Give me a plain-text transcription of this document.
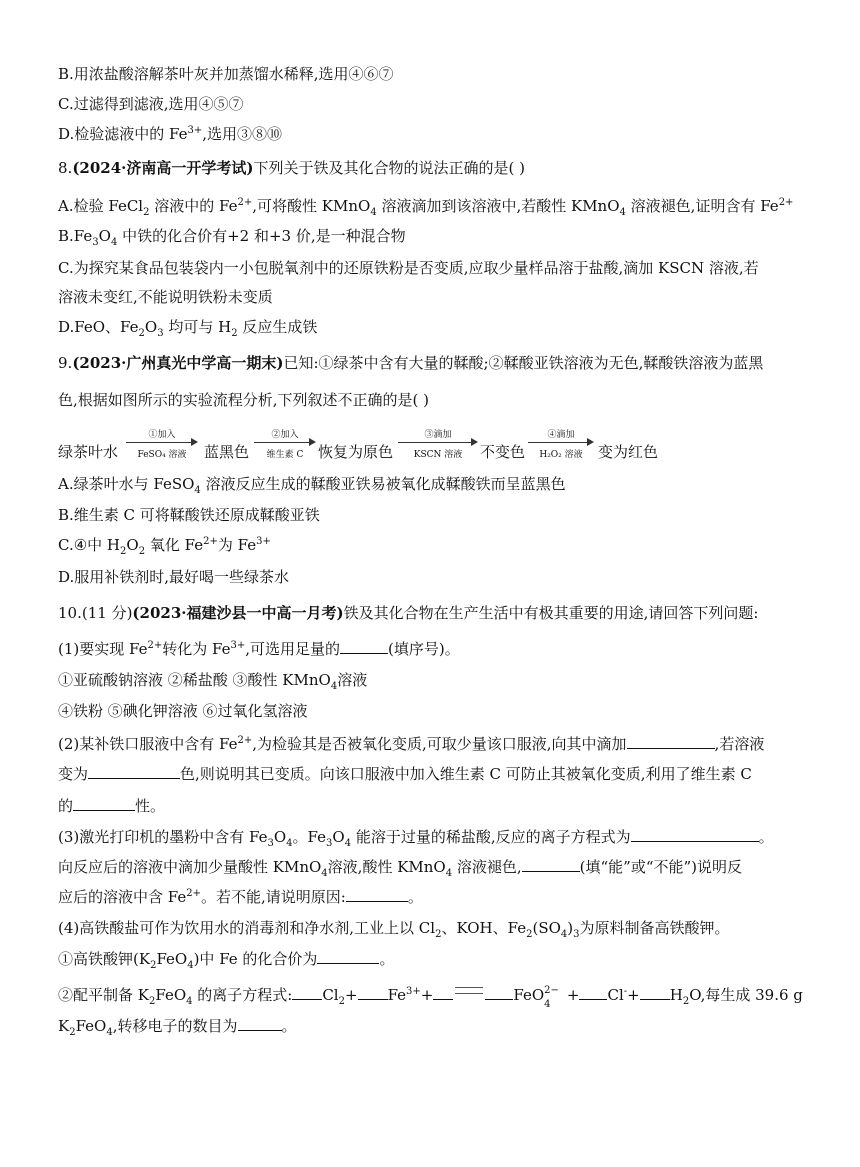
B.用浓盐酸溶解茶叶灰并加蒸馏水稀释,选用④⑥⑦
C.过滤得到滤液,选用④⑤⑦
D.检验滤液中的 $Fe^{3+}$,选用③⑧⑩
8.(2024·济南高一开学考试)下列关于铁及其化合物的说法正确的是( )
A.检验 FeCl$_2$ 溶液中的 $Fe^{2+}$,可将酸性 KMnO$_4$ 溶液滴加到该溶液中,若酸性 KMnO$_4$ 溶液褪色,证明含有 $Fe^{2+}$
$B.Fe_3O_4$ 中铁的化合价有+2 和+3 价,是一种混合物
C.为探究某食品包装袋内一小包脱氧剂中的还原铁粉是否变质,应取少量样品溶于盐酸,滴加 KSCN 溶液,若
溶液未变红,不能说明铁粉未变质
D.FeO、$Fe_2O_3$ 均可与 $H_2$ 反应生成铁
9.(2023·广州真光中学高一期末)已知:①绿茶中含有大量的鞣酸;②鞣酸亚铁溶液为无色,鞣酸铁溶液为蓝黑
色,根据如图所示的实验流程分析,下列叙述不正确的是( )
绿茶叶水
①加入
FeSO₄ 溶液	蓝黑色
②加入
维生素 C 恢复为原色
③滴加
KSCN 溶液	不变色
④滴加
H₂O₂ 溶液	变为红色
A.绿茶叶水与 FeSO$_4$ 溶液反应生成的鞣酸亚铁易被氧化成鞣酸铁而呈蓝黑色
B.维生素 C 可将鞣酸铁还原成鞣酸亚铁
C.④中 $H_2O_2$ 氧化 $Fe^{2+}$为 $Fe^{3+}$
D.服用补铁剂时,最好喝一些绿茶水
10.(11 分)(2023·福建沙县一中高一月考)铁及其化合物在生产生活中有极其重要的用途,请回答下列问题:
(1)要实现 $Fe^{2+}$转化为 $Fe^{3+}$,可选用足量的	(填序号)。
①亚硫酸钠溶液 ②稀盐酸 ③酸性 KMnO$_4$溶液
④铁粉 ⑤碘化钾溶液 ⑥过氧化氢溶液
(2)某补铁口服液中含有 $Fe^{2+}$,为检验其是否被氧化变质,可取少量该口服液,向其中滴加	,若溶液
变为	色,则说明其已变质。向该口服液中加入维生素 C 可防止其被氧化变质,利用了维生素 C
的	性。
(3)激光打印机的墨粉中含有 $Fe_3O_4$。$Fe_3O_4$ 能溶于过量的稀盐酸,反应的离子方程式为	。
向反应后的溶液中滴加少量酸性 KMnO$_4$溶液,酸性 KMnO$_4$ 溶液褪色,	(填“能”或“不能”)说明反
应后的溶液中含 $Fe^{2+}$。若不能,请说明原因:	。
(4)高铁酸盐可作为饮用水的消毒剂和净水剂,工业上以 $Cl_2$、KOH、$Fe_2(SO_4)_3$为原料制备高铁酸钾。
①高铁酸钾$(K_2FeO_4)$中 Fe 的化合价为	。
②配平制备 $K_2FeO_4$ 的离子方程式: $Cl_2+ Fe^{3+}+$	FeO 2−
4
+ $Cl^-+ H_2O$,每生成 39.6 g
$K_2FeO_4$,转移电子的数目为	。
